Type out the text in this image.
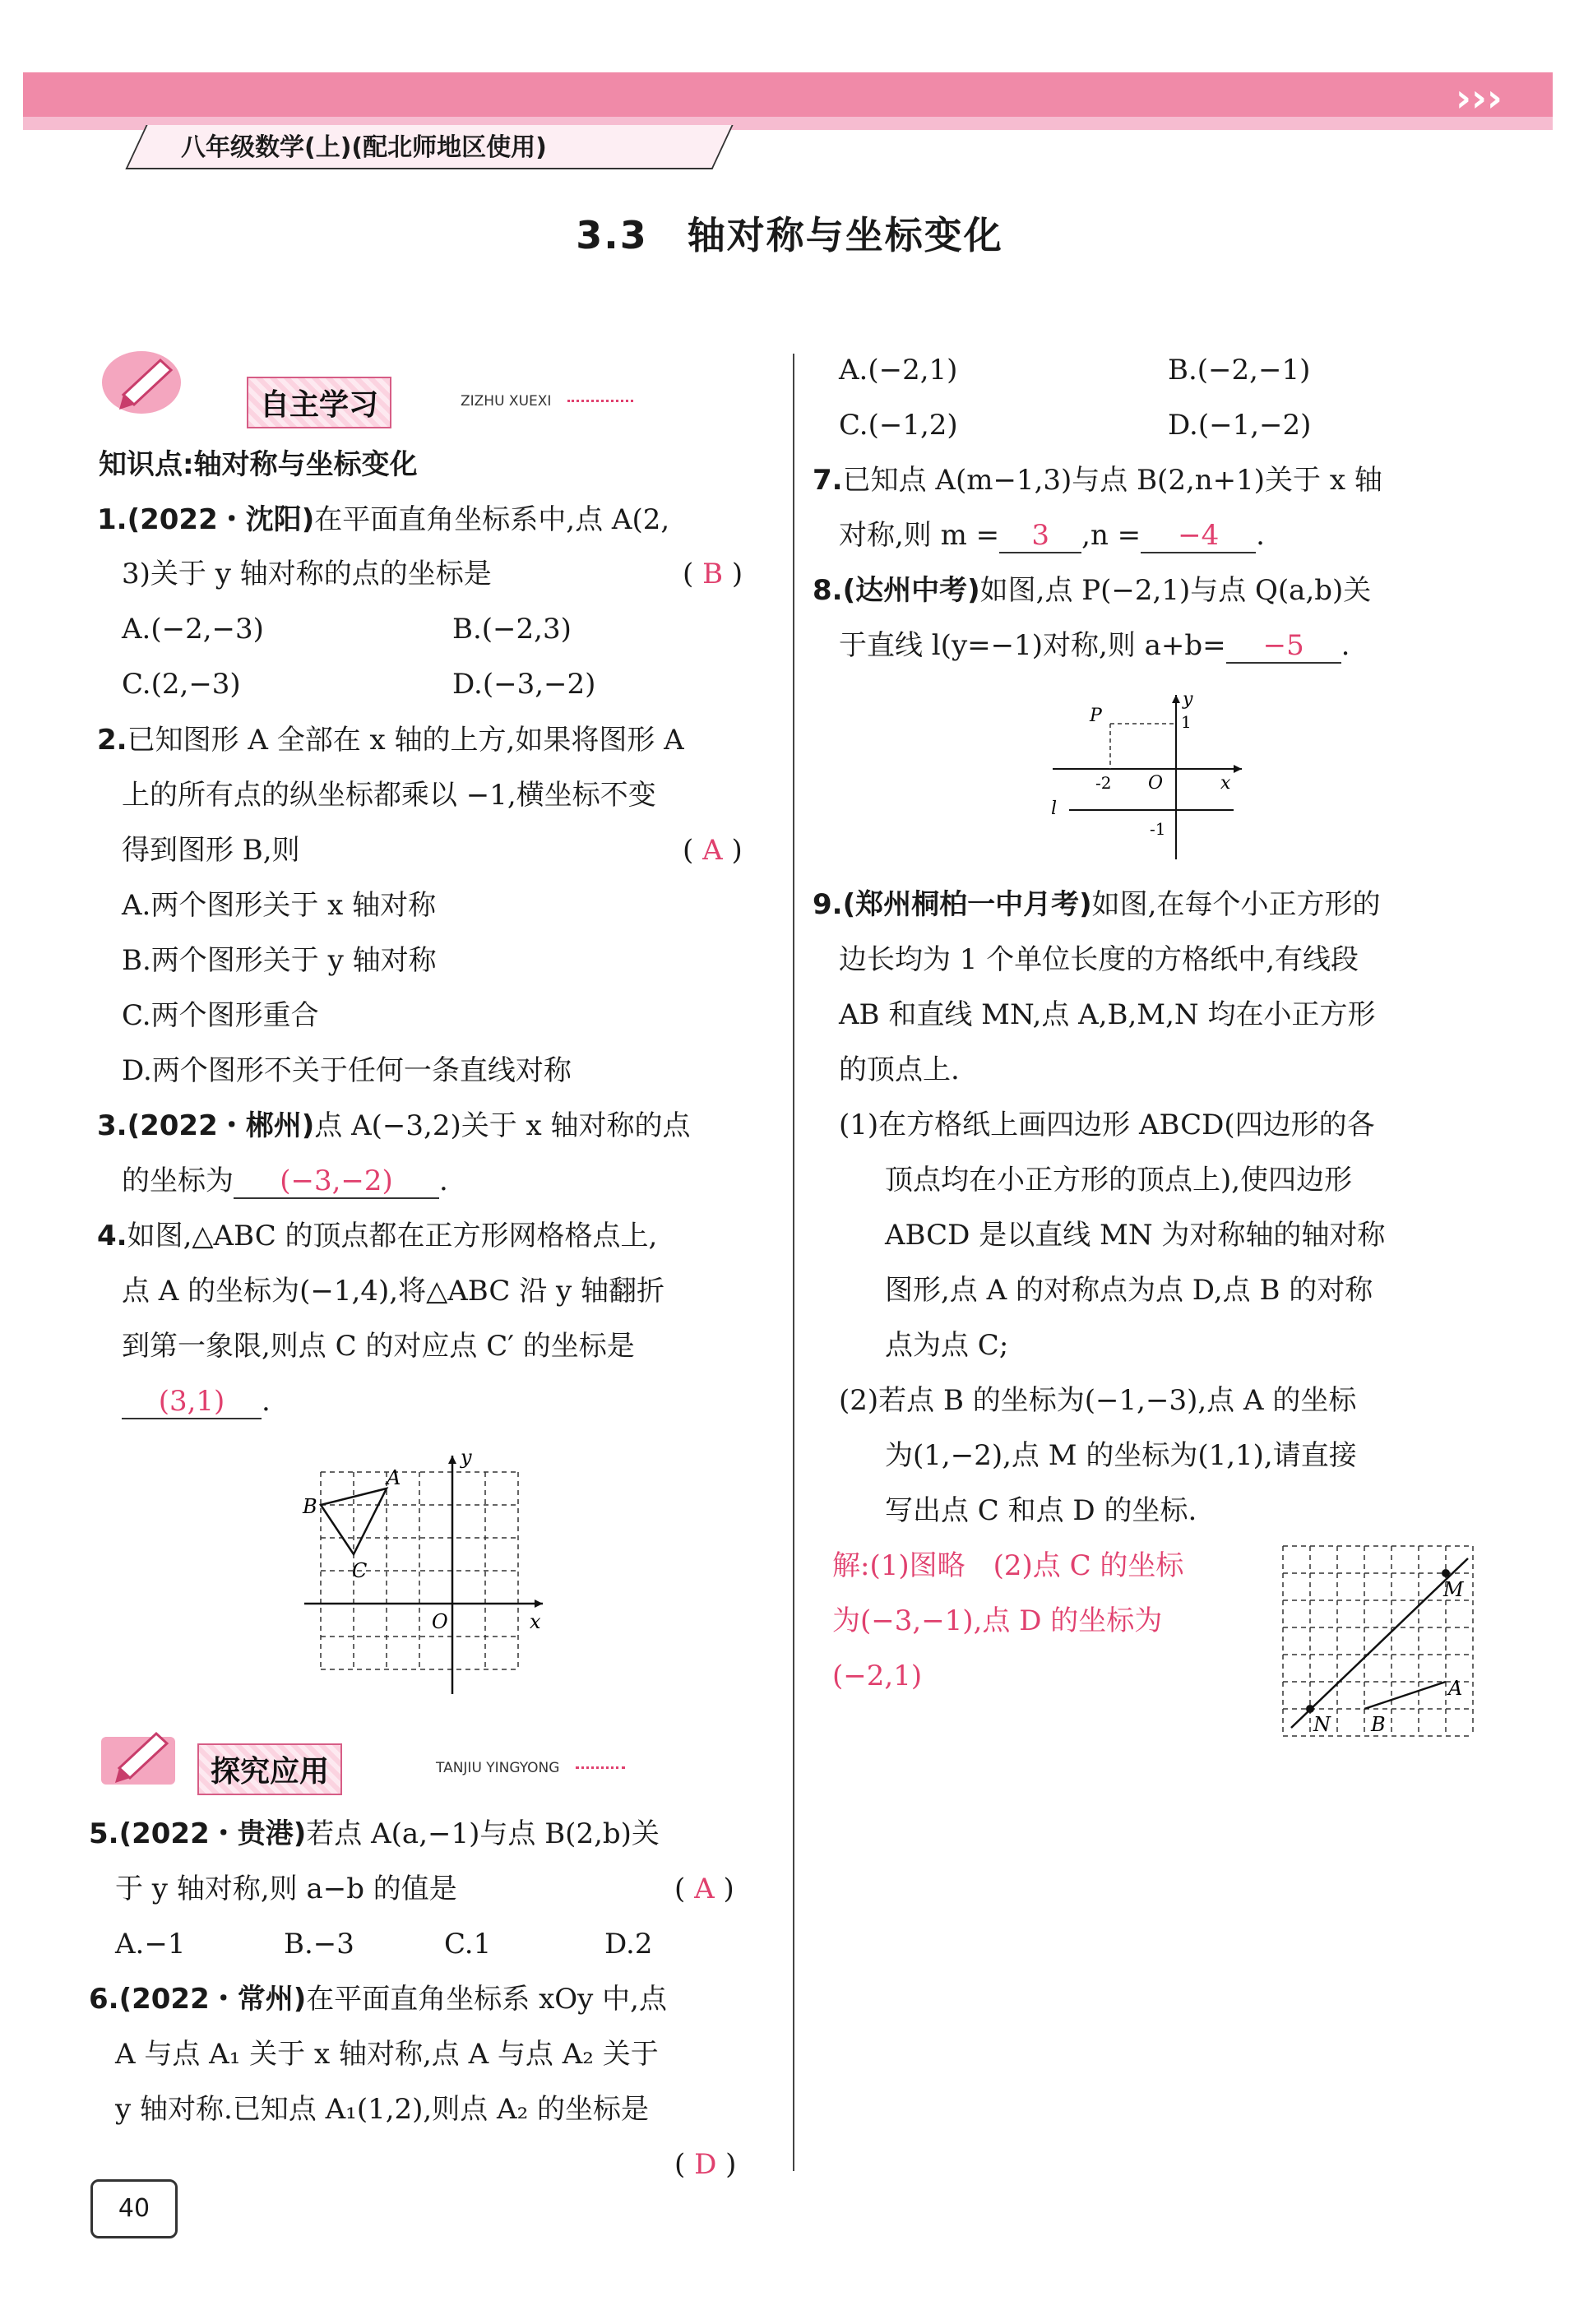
›››
八年级数学(上)(配北师地区使用)
3.3　轴对称与坐标变化
自主学习	ZIZHU XUEXI
知识点:轴对称与坐标变化
1.(2022・沈阳)在平面直角坐标系中,点 A(2,
3)关于 y 轴对称的点的坐标是	( B )
A.(−2,−3)	B.(−2,3)
C.(2,−3)	D.(−3,−2)
2.已知图形 A 全部在 x 轴的上方,如果将图形 A
上的所有点的纵坐标都乘以 −1,横坐标不变
得到图形 B,则	( A )
A.两个图形关于 x 轴对称
B.两个图形关于 y 轴对称
C.两个图形重合
D.两个图形不关于任何一条直线对称
3.(2022・郴州)点 A(−3,2)关于 x 轴对称的点
的坐标为 (−3,−2) .
4.如图,△ABC 的顶点都在正方形网格格点上,
点 A 的坐标为(−1,4),将△ABC 沿 y 轴翻折
到第一象限,则点 C 的对应点 C′ 的坐标是
(3,1) .
A
B
C
O	x
y
探究应用	TANJIU YINGYONG
5.(2022・贵港)若点 A(a,−1)与点 B(2,b)关
于 y 轴对称,则 a−b 的值是	( A )
A.−1	B.−3	C.1	D.2
6.(2022・常州)在平面直角坐标系 xOy 中,点
A 与点 A₁ 关于 x 轴对称,点 A 与点 A₂ 关于
y 轴对称.已知点 A₁(1,2),则点 A₂ 的坐标是
( D )
A.(−2,1)	B.(−2,−1)
C.(−1,2)	D.(−1,−2)
7.已知点 A(m−1,3)与点 B(2,n+1)关于 x 轴
对称,则 m = 3 ,n = −4 .
8.(达州中考)如图,点 P(−2,1)与点 Q(a,b)关
于直线 l(y=−1)对称,则 a+b= −5 .
P
y
1
-2 O	x
l
-1
9.(郑州桐柏一中月考)如图,在每个小正方形的
边长均为 1 个单位长度的方格纸中,有线段
AB 和直线 MN,点 A,B,M,N 均在小正方形
的顶点上.
(1)在方格纸上画四边形 ABCD(四边形的各
顶点均在小正方形的顶点上),使四边形
ABCD 是以直线 MN 为对称轴的轴对称
图形,点 A 的对称点为点 D,点 B 的对称
点为点 C;
(2)若点 B 的坐标为(−1,−3),点 A 的坐标
为(1,−2),点 M 的坐标为(1,1),请直接
写出点 C 和点 D 的坐标.
解:(1)图略　(2)点 C 的坐标
为(−3,−1),点 D 的坐标为
(−2,1)
M
N
A
B
40
